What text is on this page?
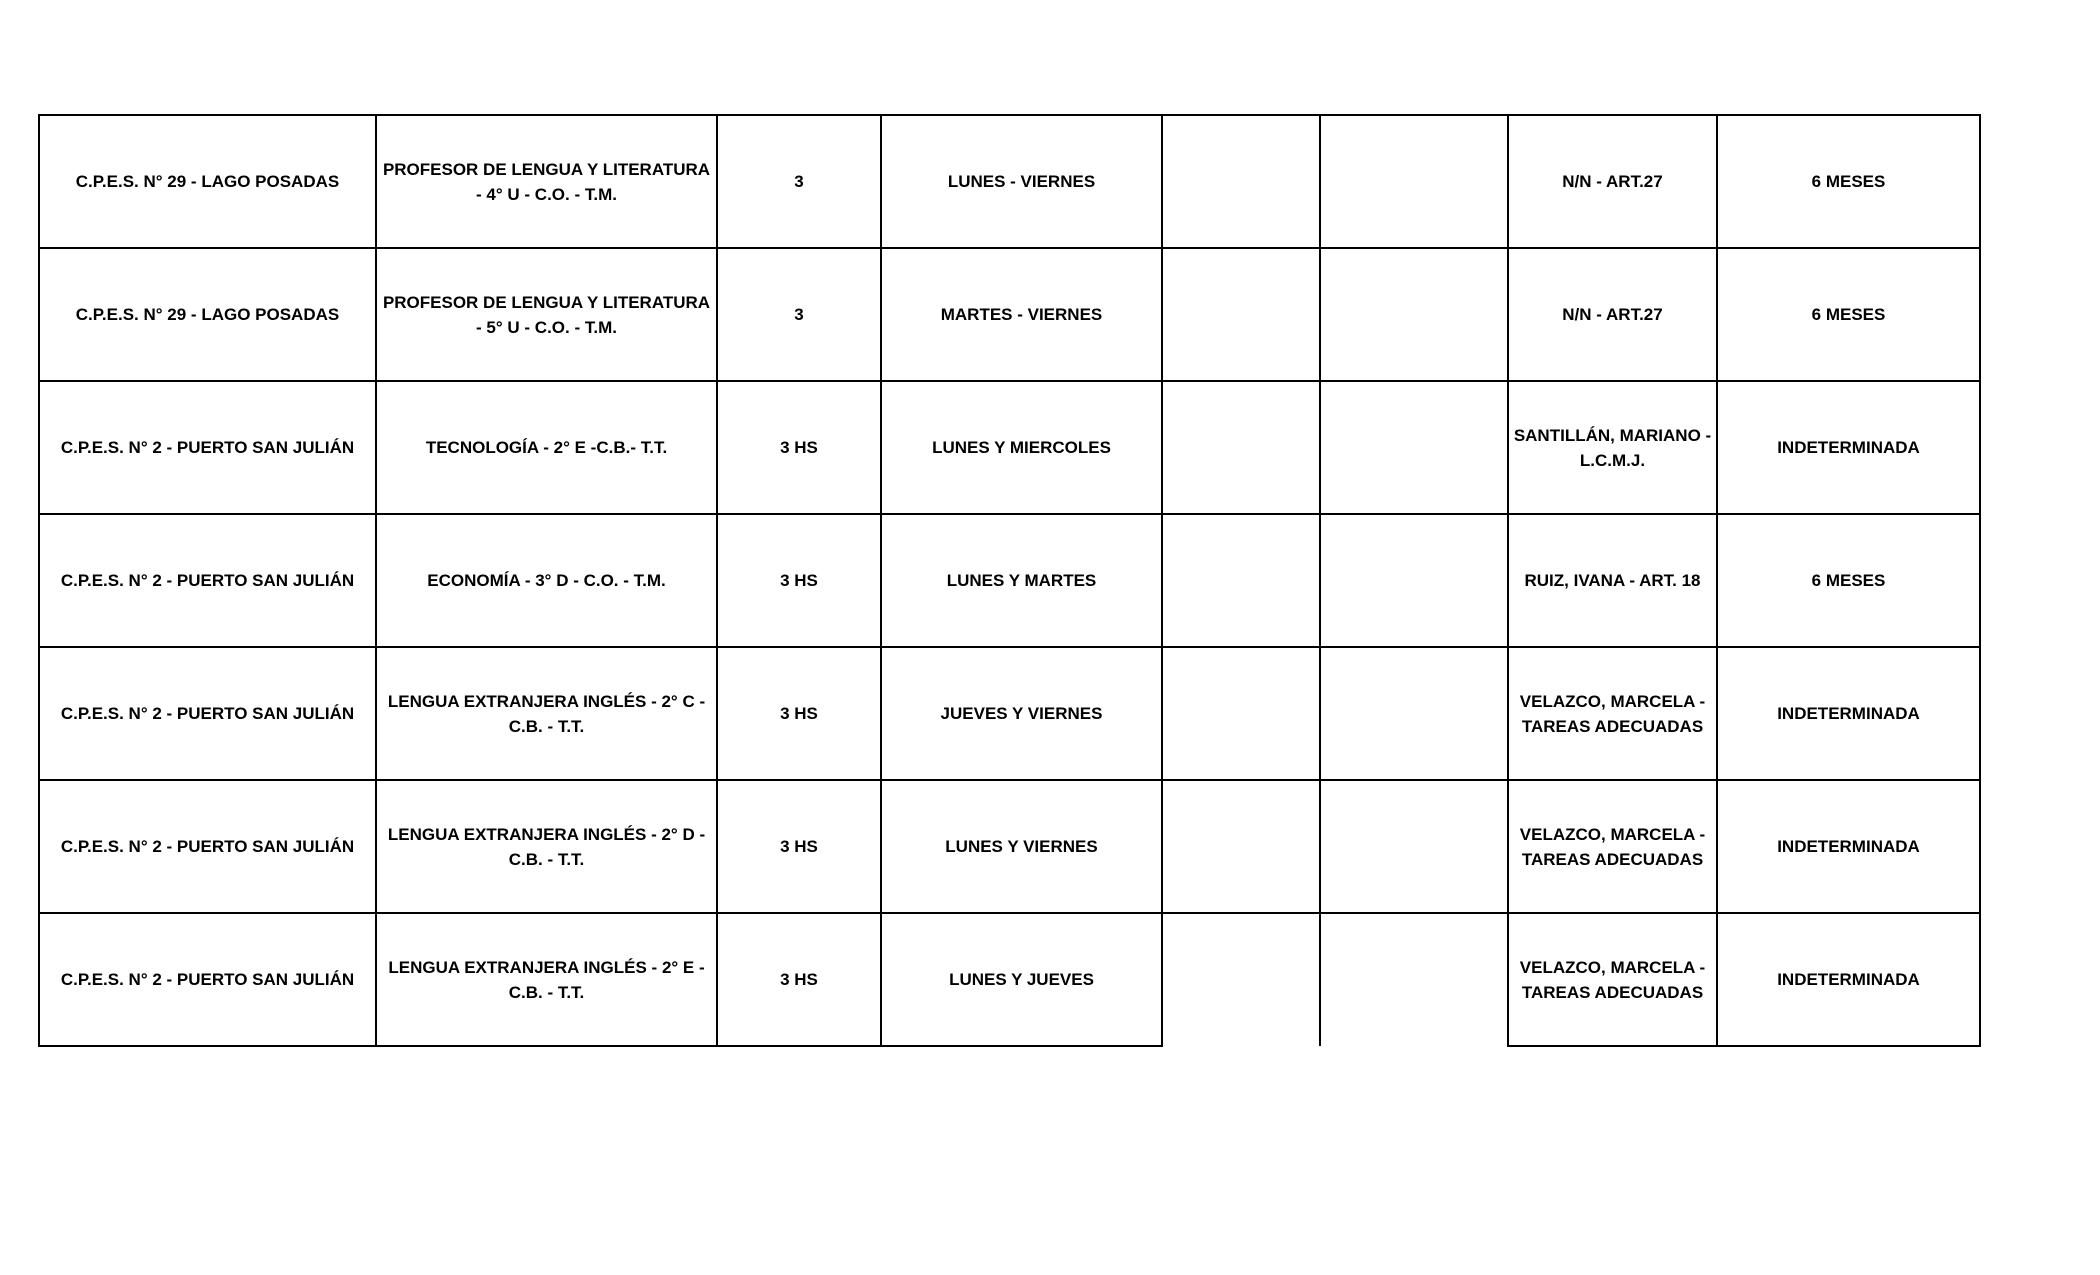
C.P.E.S. N° 29 - LAGO POSADAS	PROFESOR DE LENGUA Y LITERATURA - 4° U - C.O. - T.M.	3	LUNES - VIERNES			N/N - ART.27	6 MESES
C.P.E.S. N° 29 - LAGO POSADAS	PROFESOR DE LENGUA Y LITERATURA - 5° U - C.O. - T.M.	3	MARTES - VIERNES			N/N - ART.27	6 MESES
C.P.E.S. N° 2 - PUERTO SAN JULIÁN	TECNOLOGÍA - 2° E -C.B.- T.T.	3 HS	LUNES Y MIERCOLES			SANTILLÁN, MARIANO - L.C.M.J.	INDETERMINADA
C.P.E.S. N° 2 - PUERTO SAN JULIÁN	ECONOMÍA - 3° D - C.O. - T.M.	3 HS	LUNES Y MARTES			RUIZ, IVANA - ART. 18	6 MESES
C.P.E.S. N° 2 - PUERTO SAN JULIÁN	LENGUA EXTRANJERA INGLÉS - 2° C - C.B. - T.T.	3 HS	JUEVES Y VIERNES			VELAZCO, MARCELA - TAREAS ADECUADAS	INDETERMINADA
C.P.E.S. N° 2 - PUERTO SAN JULIÁN	LENGUA EXTRANJERA INGLÉS - 2° D - C.B. - T.T.	3 HS	LUNES Y VIERNES			VELAZCO, MARCELA - TAREAS ADECUADAS	INDETERMINADA
C.P.E.S. N° 2 - PUERTO SAN JULIÁN	LENGUA EXTRANJERA INGLÉS - 2° E - C.B. - T.T.	3 HS	LUNES Y JUEVES			VELAZCO, MARCELA - TAREAS ADECUADAS	INDETERMINADA
